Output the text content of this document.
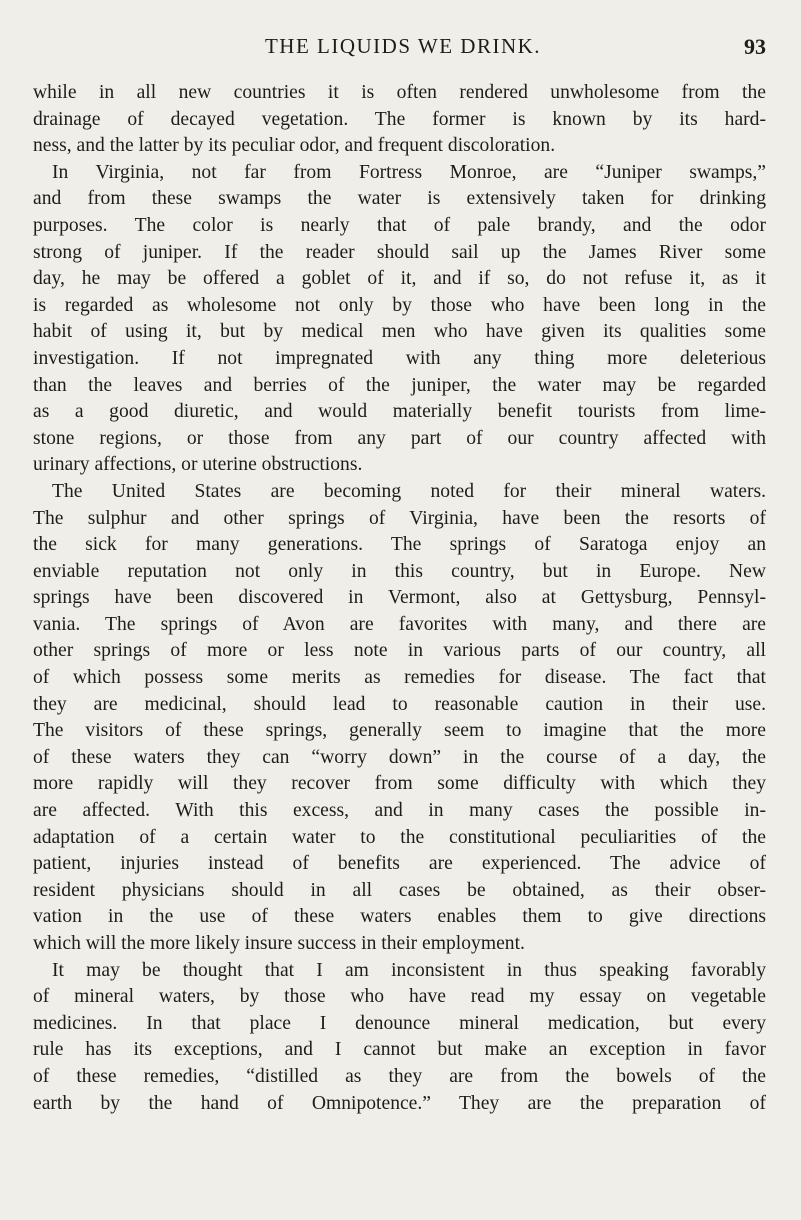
THE LIQUIDS WE DRINK.	93
while in all new countries it is often rendered unwholesome from the
drainage of decayed vegetation. The former is known by its hard-
ness, and the latter by its peculiar odor, and frequent discoloration.
In Virginia, not far from Fortress Monroe, are “Juniper swamps,”
and from these swamps the water is extensively taken for drinking
purposes. The color is nearly that of pale brandy, and the odor
strong of juniper. If the reader should sail up the James River some
day, he may be offered a goblet of it, and if so, do not refuse it, as it
is regarded as wholesome not only by those who have been long in the
habit of using it, but by medical men who have given its qualities some
investigation. If not impregnated with any thing more deleterious
than the leaves and berries of the juniper, the water may be regarded
as a good diuretic, and would materially benefit tourists from lime-
stone regions, or those from any part of our country affected with
urinary affections, or uterine obstructions.
The United States are becoming noted for their mineral waters.
The sulphur and other springs of Virginia, have been the resorts of
the sick for many generations. The springs of Saratoga enjoy an
enviable reputation not only in this country, but in Europe. New
springs have been discovered in Vermont, also at Gettysburg, Pennsyl-
vania. The springs of Avon are favorites with many, and there are
other springs of more or less note in various parts of our country, all
of which possess some merits as remedies for disease. The fact that
they are medicinal, should lead to reasonable caution in their use.
The visitors of these springs, generally seem to imagine that the more
of these waters they can “worry down” in the course of a day, the
more rapidly will they recover from some difficulty with which they
are affected. With this excess, and in many cases the possible in-
adaptation of a certain water to the constitutional peculiarities of the
patient, injuries instead of benefits are experienced. The advice of
resident physicians should in all cases be obtained, as their obser-
vation in the use of these waters enables them to give directions
which will the more likely insure success in their employment.
It may be thought that I am inconsistent in thus speaking favorably
of mineral waters, by those who have read my essay on vegetable
medicines. In that place I denounce mineral medication, but every
rule has its exceptions, and I cannot but make an exception in favor
of these remedies, “distilled as they are from the bowels of the
earth by the hand of Omnipotence.” They are the preparation of
